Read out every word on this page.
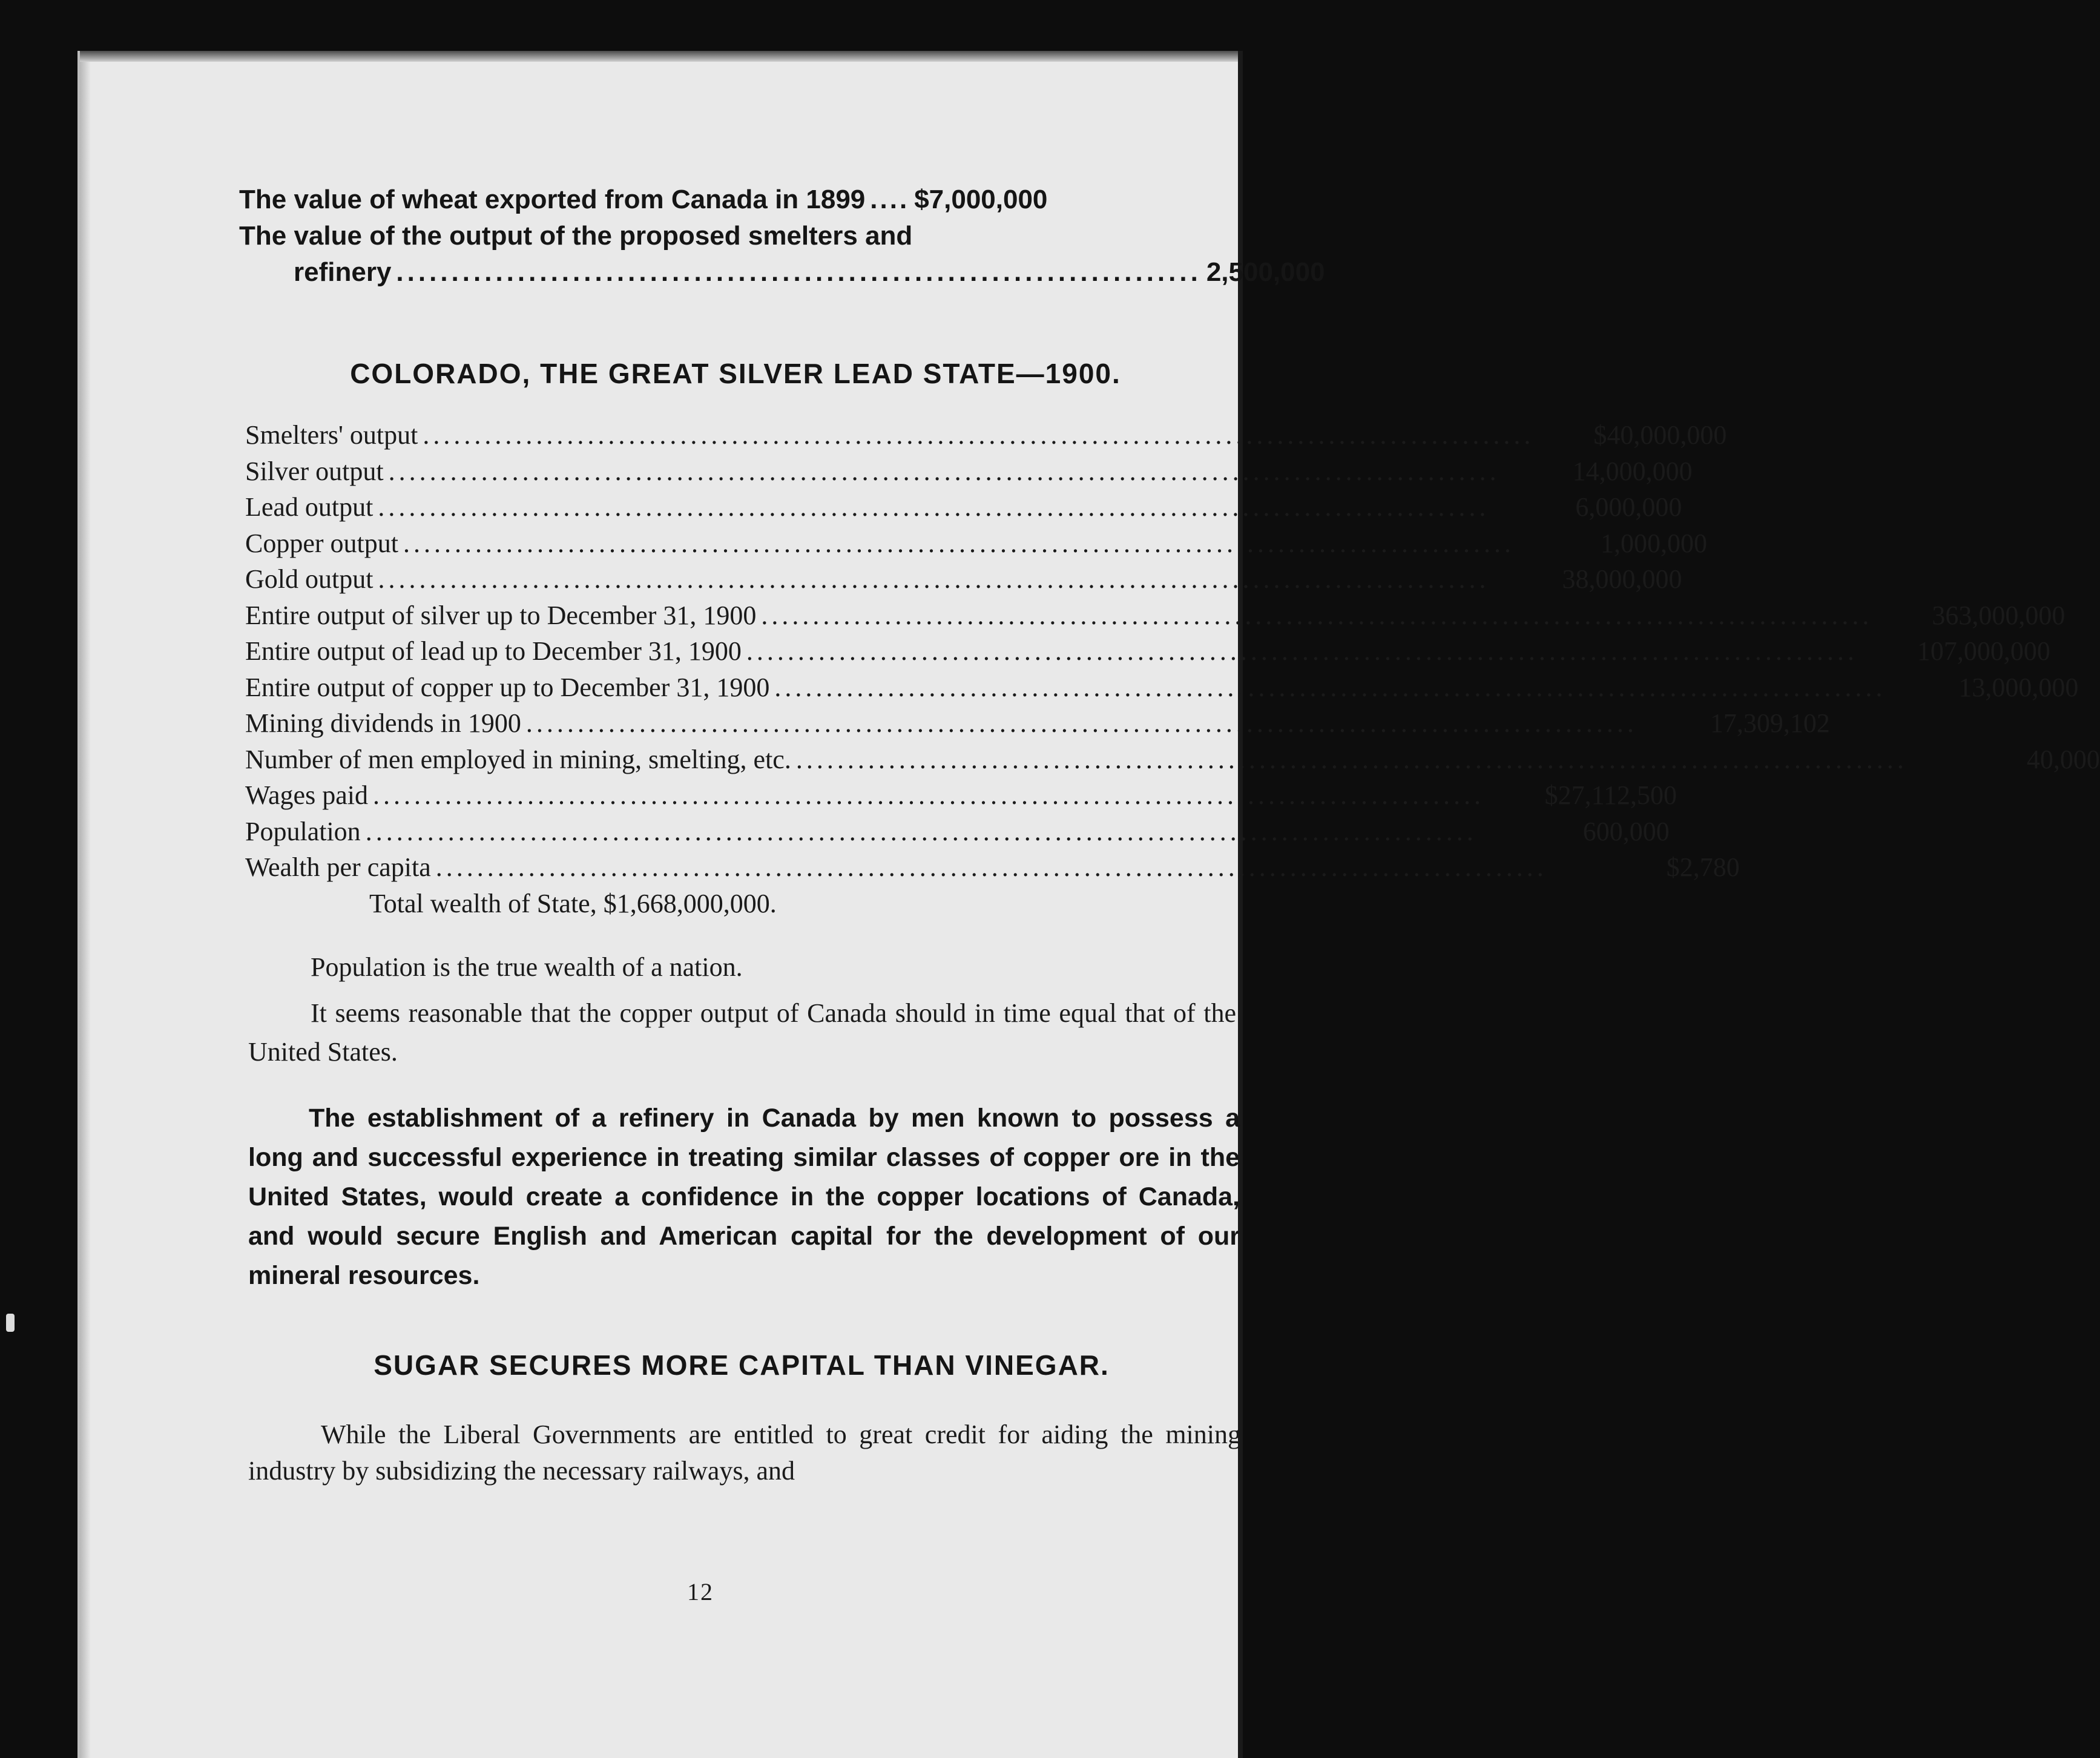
The value of wheat exported from Canada in 1899 .... $7,000,000
The value of the output of the proposed smelters and
refinery ......................................................................... 2,500,000
COLORADO, THE GREAT SILVER LEAD STATE—1900.
Smelters' output ............................................................................................................	$40,000,000
Silver output ............................................................................................................	14,000,000
Lead output ............................................................................................................	6,000,000
Copper output ............................................................................................................	1,000,000
Gold output ............................................................................................................	38,000,000
Entire output of silver up to December 31, 1900 ............................................................................................................	363,000,000
Entire output of lead up to December 31, 1900 ............................................................................................................	107,000,000
Entire output of copper up to December 31, 1900 ............................................................................................................	13,000,000
Mining dividends in 1900 ............................................................................................................	17,309,102
Number of men employed in mining, smelting, etc. ............................................................................................................	40,000
Wages paid ............................................................................................................	$27,112,500
Population ............................................................................................................	600,000
Wealth per capita ............................................................................................................	$2,780
Total wealth of State, $1,668,000,000.
Population is the true wealth of a nation.
It seems reasonable that the copper output of Canada should in time equal that of the United States.
The establishment of a refinery in Canada by men known to possess a long and successful experience in treating similar classes of copper ore in the United States, would create a confidence in the copper locations of Canada, and would secure English and American capital for the development of our mineral resources.
SUGAR SECURES MORE CAPITAL THAN VINEGAR.
While the Liberal Governments are entitled to great credit for aiding the mining industry by subsidizing the necessary railways, and
12
